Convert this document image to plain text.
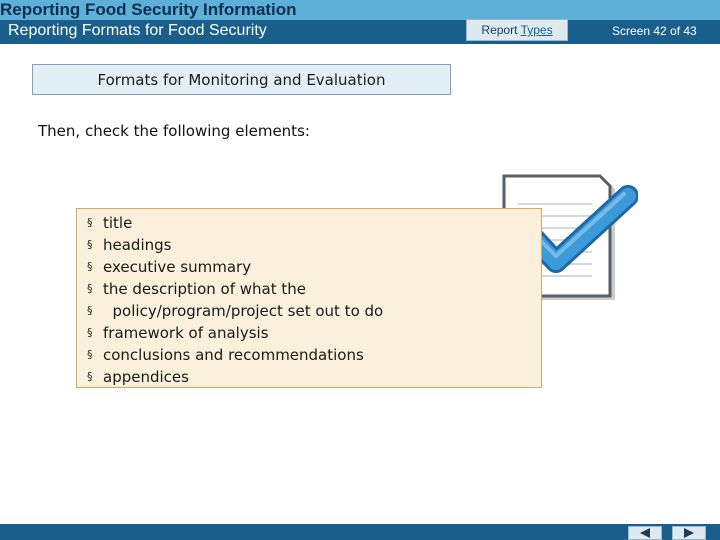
Reporting Food Security Information
Reporting Formats for Food Security	Report Types	Screen 42 of 43
Formats for Monitoring and Evaluation
Then, check the following elements:
§ title
§ headings
§ executive summary
§ the description of what the
§ policy/program/project set out to do
§ framework of analysis
§ conclusions and recommendations
§ appendices
